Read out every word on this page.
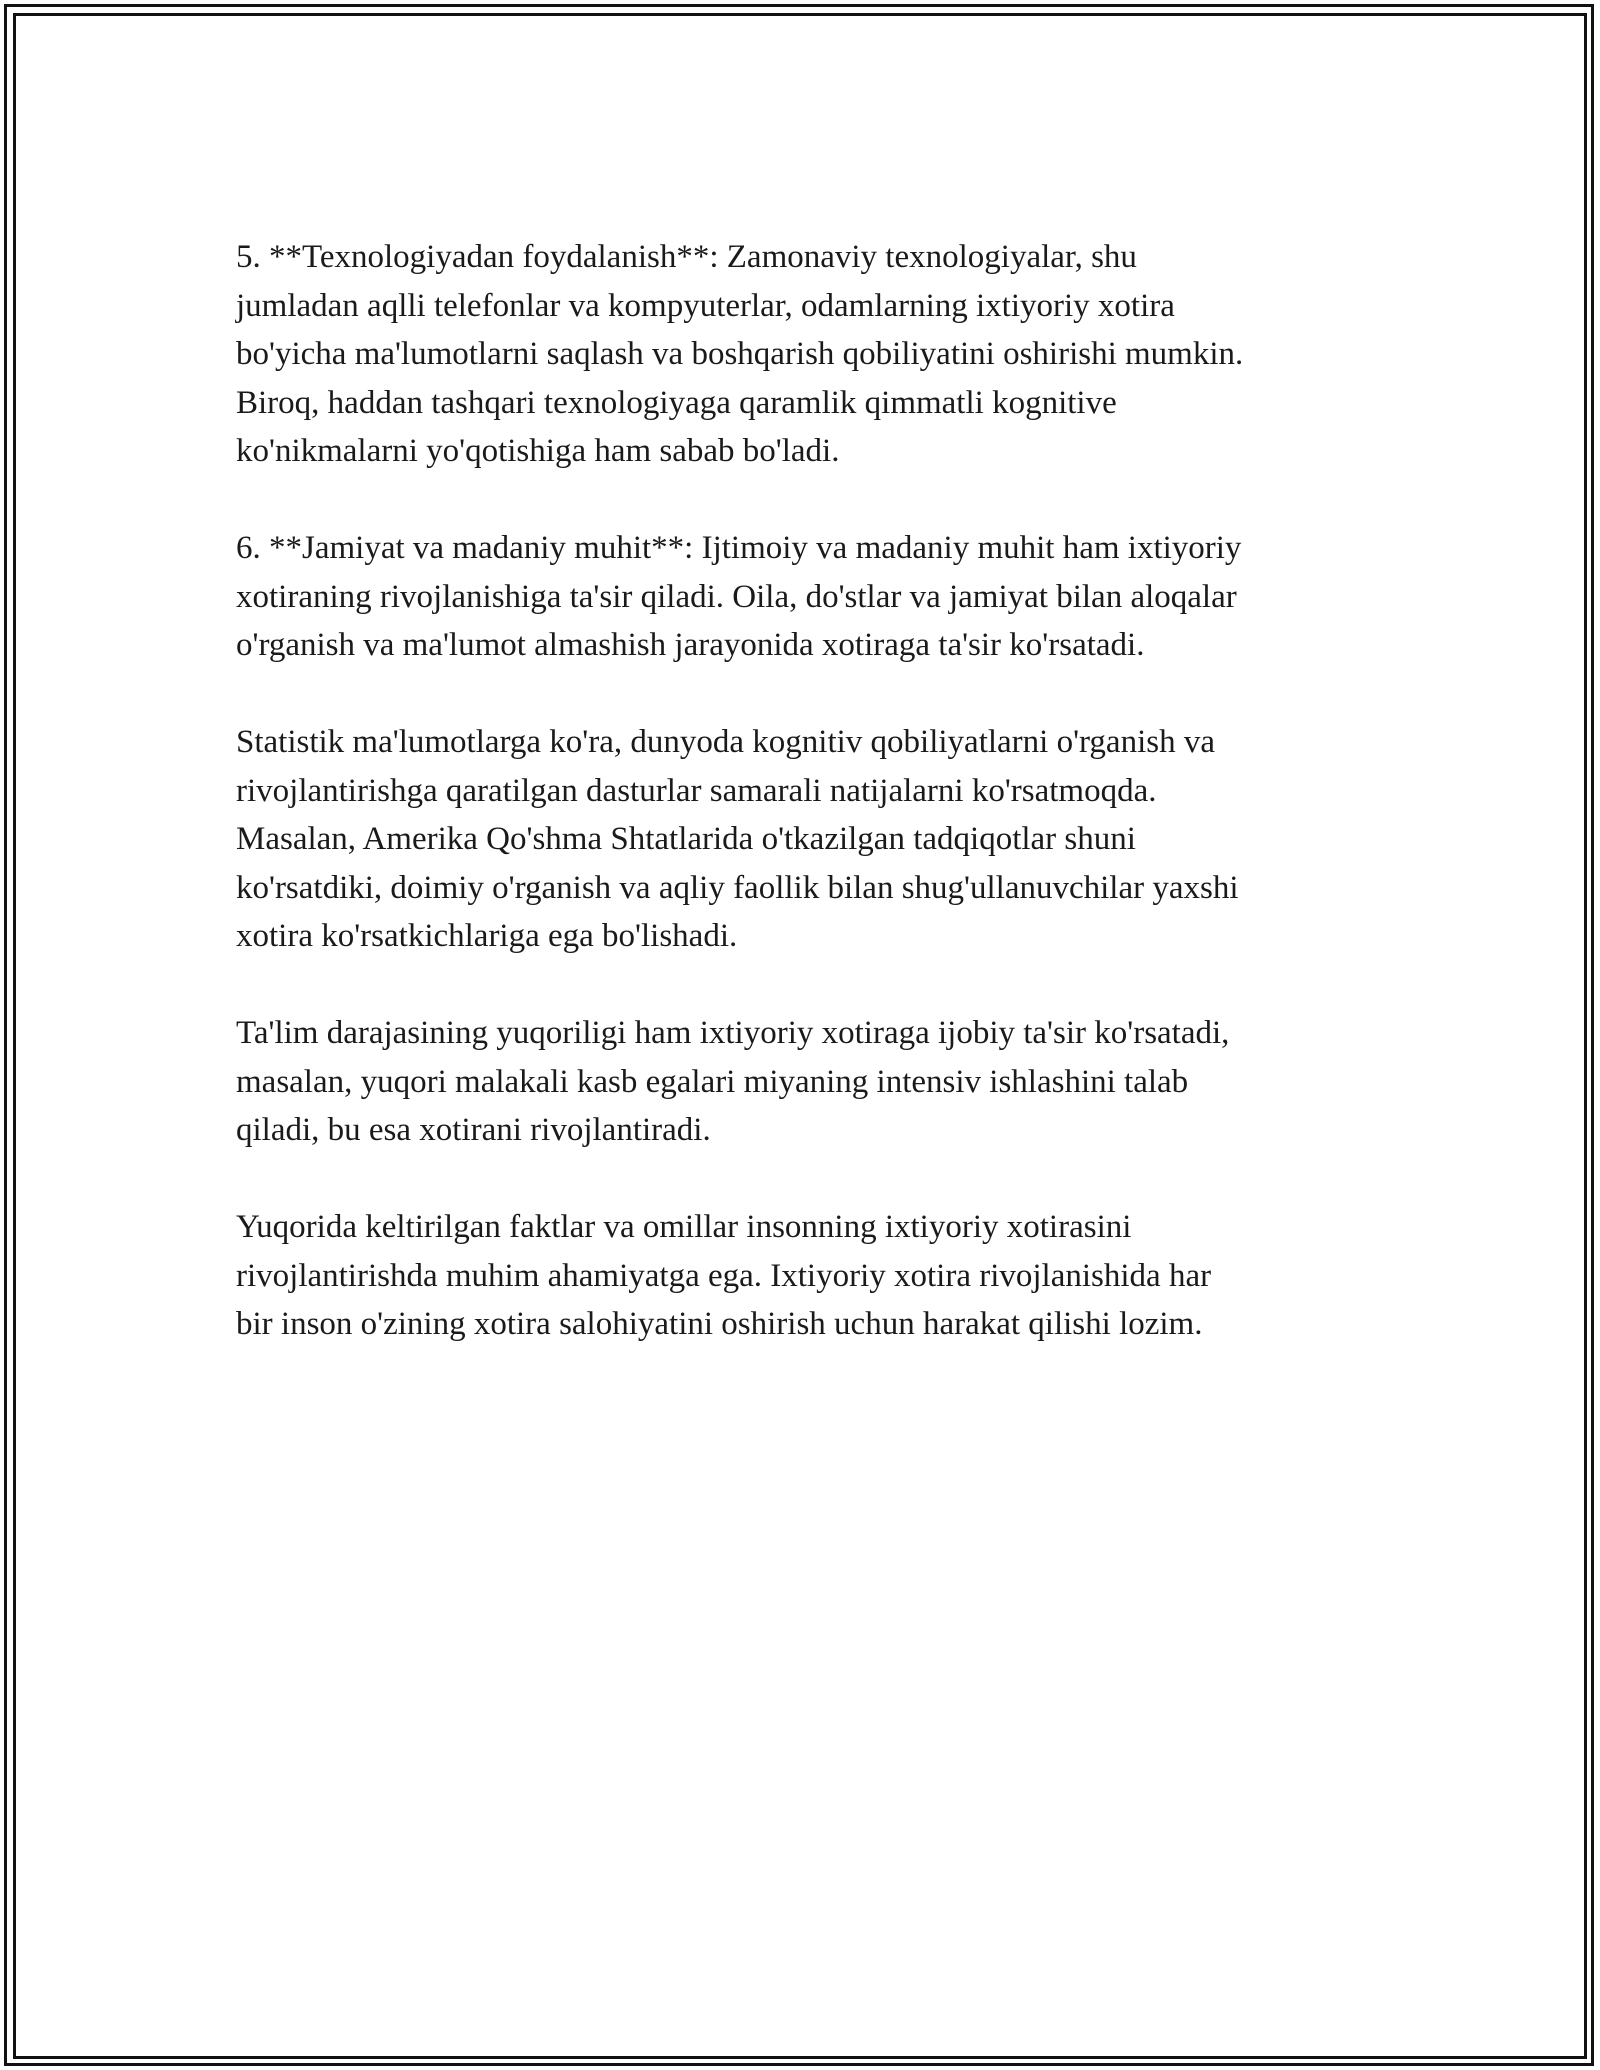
5. **Texnologiyadan foydalanish**: Zamonaviy texnologiyalar, shu
jumladan aqlli telefonlar va kompyuterlar, odamlarning ixtiyoriy xotira
bo'yicha ma'lumotlarni saqlash va boshqarish qobiliyatini oshirishi mumkin.
Biroq, haddan tashqari texnologiyaga qaramlik qimmatli kognitive
ko'nikmalarni yo'qotishiga ham sabab bo'ladi.

6. **Jamiyat va madaniy muhit**: Ijtimoiy va madaniy muhit ham ixtiyoriy
xotiraning rivojlanishiga ta'sir qiladi. Oila, do'stlar va jamiyat bilan aloqalar
o'rganish va ma'lumot almashish jarayonida xotiraga ta'sir ko'rsatadi.

Statistik ma'lumotlarga ko'ra, dunyoda kognitiv qobiliyatlarni o'rganish va
rivojlantirishga qaratilgan dasturlar samarali natijalarni ko'rsatmoqda.
Masalan, Amerika Qo'shma Shtatlarida o'tkazilgan tadqiqotlar shuni
ko'rsatdiki, doimiy o'rganish va aqliy faollik bilan shug'ullanuvchilar yaxshi
xotira ko'rsatkichlariga ega bo'lishadi.

Ta'lim darajasining yuqoriligi ham ixtiyoriy xotiraga ijobiy ta'sir ko'rsatadi,
masalan, yuqori malakali kasb egalari miyaning intensiv ishlashini talab
qiladi, bu esa xotirani rivojlantiradi.

Yuqorida keltirilgan faktlar va omillar insonning ixtiyoriy xotirasini
rivojlantirishda muhim ahamiyatga ega. Ixtiyoriy xotira rivojlanishida har
bir inson o'zining xotira salohiyatini oshirish uchun harakat qilishi lozim.
